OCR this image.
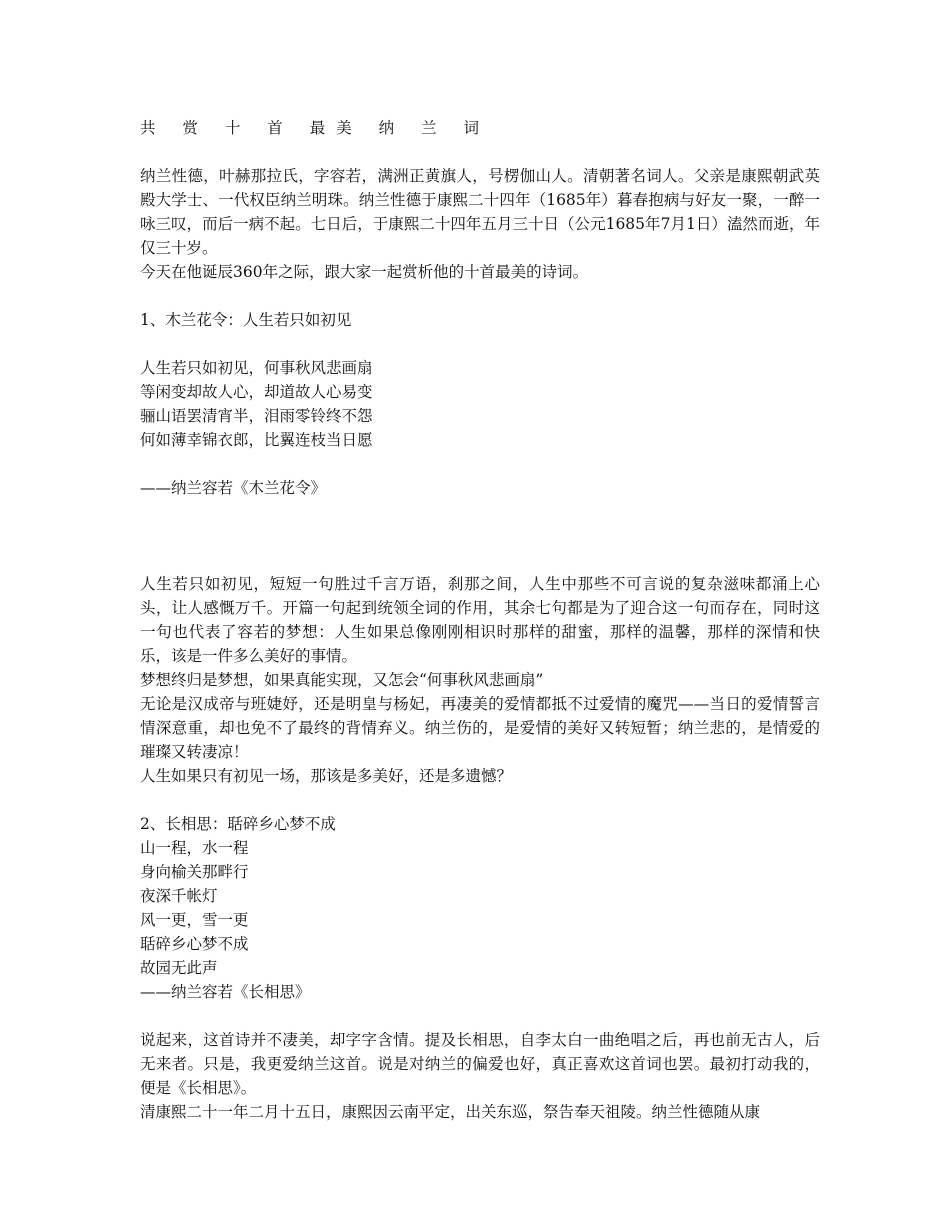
共 赏 十 首 最美 纳 兰 词

纳兰性德，叶赫那拉氏，字容若，满洲正黄旗人，号楞伽山人。清朝著名词人。父亲是康熙朝武英殿大学士、一代权臣纳兰明珠。纳兰性德于康熙二十四年（1685年）暮春抱病与好友一聚，一醉一咏三叹，而后一病不起。七日后，于康熙二十四年五月三十日（公元1685年7月1日）溘然而逝，年仅三十岁。

今天在他诞辰360年之际，跟大家一起赏析他的十首最美的诗词。

1、木兰花令：人生若只如初见

人生若只如初见，何事秋风悲画扇

等闲变却故人心，却道故人心易变

骊山语罢清宵半，泪雨零铃终不怨

何如薄幸锦衣郎，比翼连枝当日愿

——纳兰容若《木兰花令》

人生若只如初见，短短一句胜过千言万语，刹那之间，人生中那些不可言说的复杂滋味都涌上心头，让人感慨万千。开篇一句起到统领全词的作用，其余七句都是为了迎合这一句而存在，同时这一句也代表了容若的梦想：人生如果总像刚刚相识时那样的甜蜜，那样的温馨，那样的深情和快乐，该是一件多么美好的事情。

梦想终归是梦想，如果真能实现，又怎会“何事秋风悲画扇”

无论是汉成帝与班婕妤，还是明皇与杨妃，再凄美的爱情都抵不过爱情的魔咒——当日的爱情誓言情深意重，却也免不了最终的背情弃义。纳兰伤的，是爱情的美好又转短暂；纳兰悲的，是情爱的璀璨又转凄凉！

人生如果只有初见一场，那该是多美好，还是多遗憾？

2、长相思：聒碎乡心梦不成

山一程，水一程

身向榆关那畔行

夜深千帐灯

风一更，雪一更

聒碎乡心梦不成

故园无此声

——纳兰容若《长相思》

说起来，这首诗并不凄美，却字字含情。提及长相思，自李太白一曲绝唱之后，再也前无古人，后无来者。只是，我更爱纳兰这首。说是对纳兰的偏爱也好，真正喜欢这首词也罢。最初打动我的，便是《长相思》。

清康熙二十一年二月十五日，康熙因云南平定，出关东巡，祭告奉天祖陵。纳兰性德随从康
